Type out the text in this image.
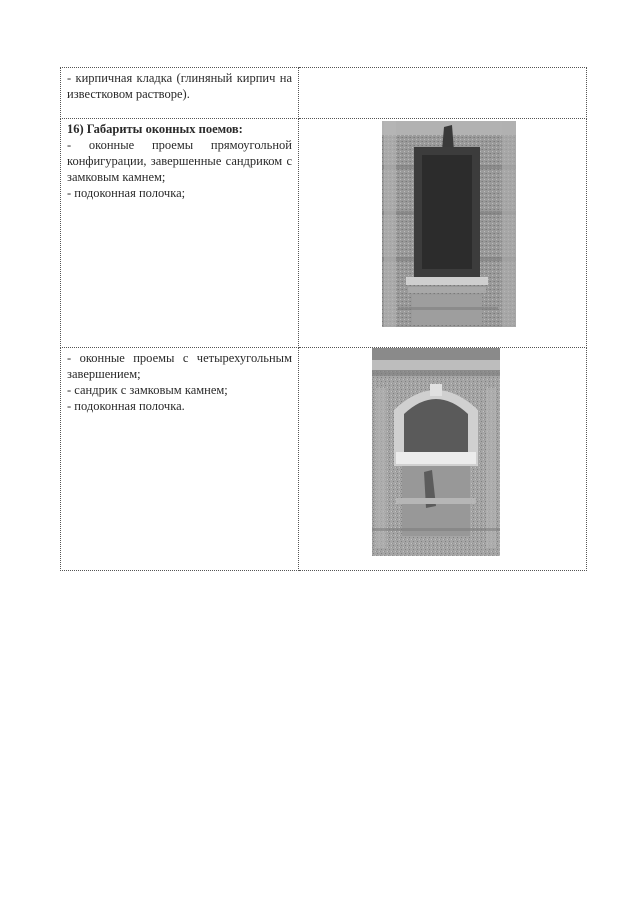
- кирпичная кладка (глиняный кирпич на известковом растворе).	

16) Габариты оконных поемов:
- оконные проемы прямоугольной конфигурации, завершенные сандриком с замковым камнем;
- подоконная полочка;

- оконные проемы с четырехугольным завершением;
- сандрик с замковым камнем;
- подоконная полочка.
